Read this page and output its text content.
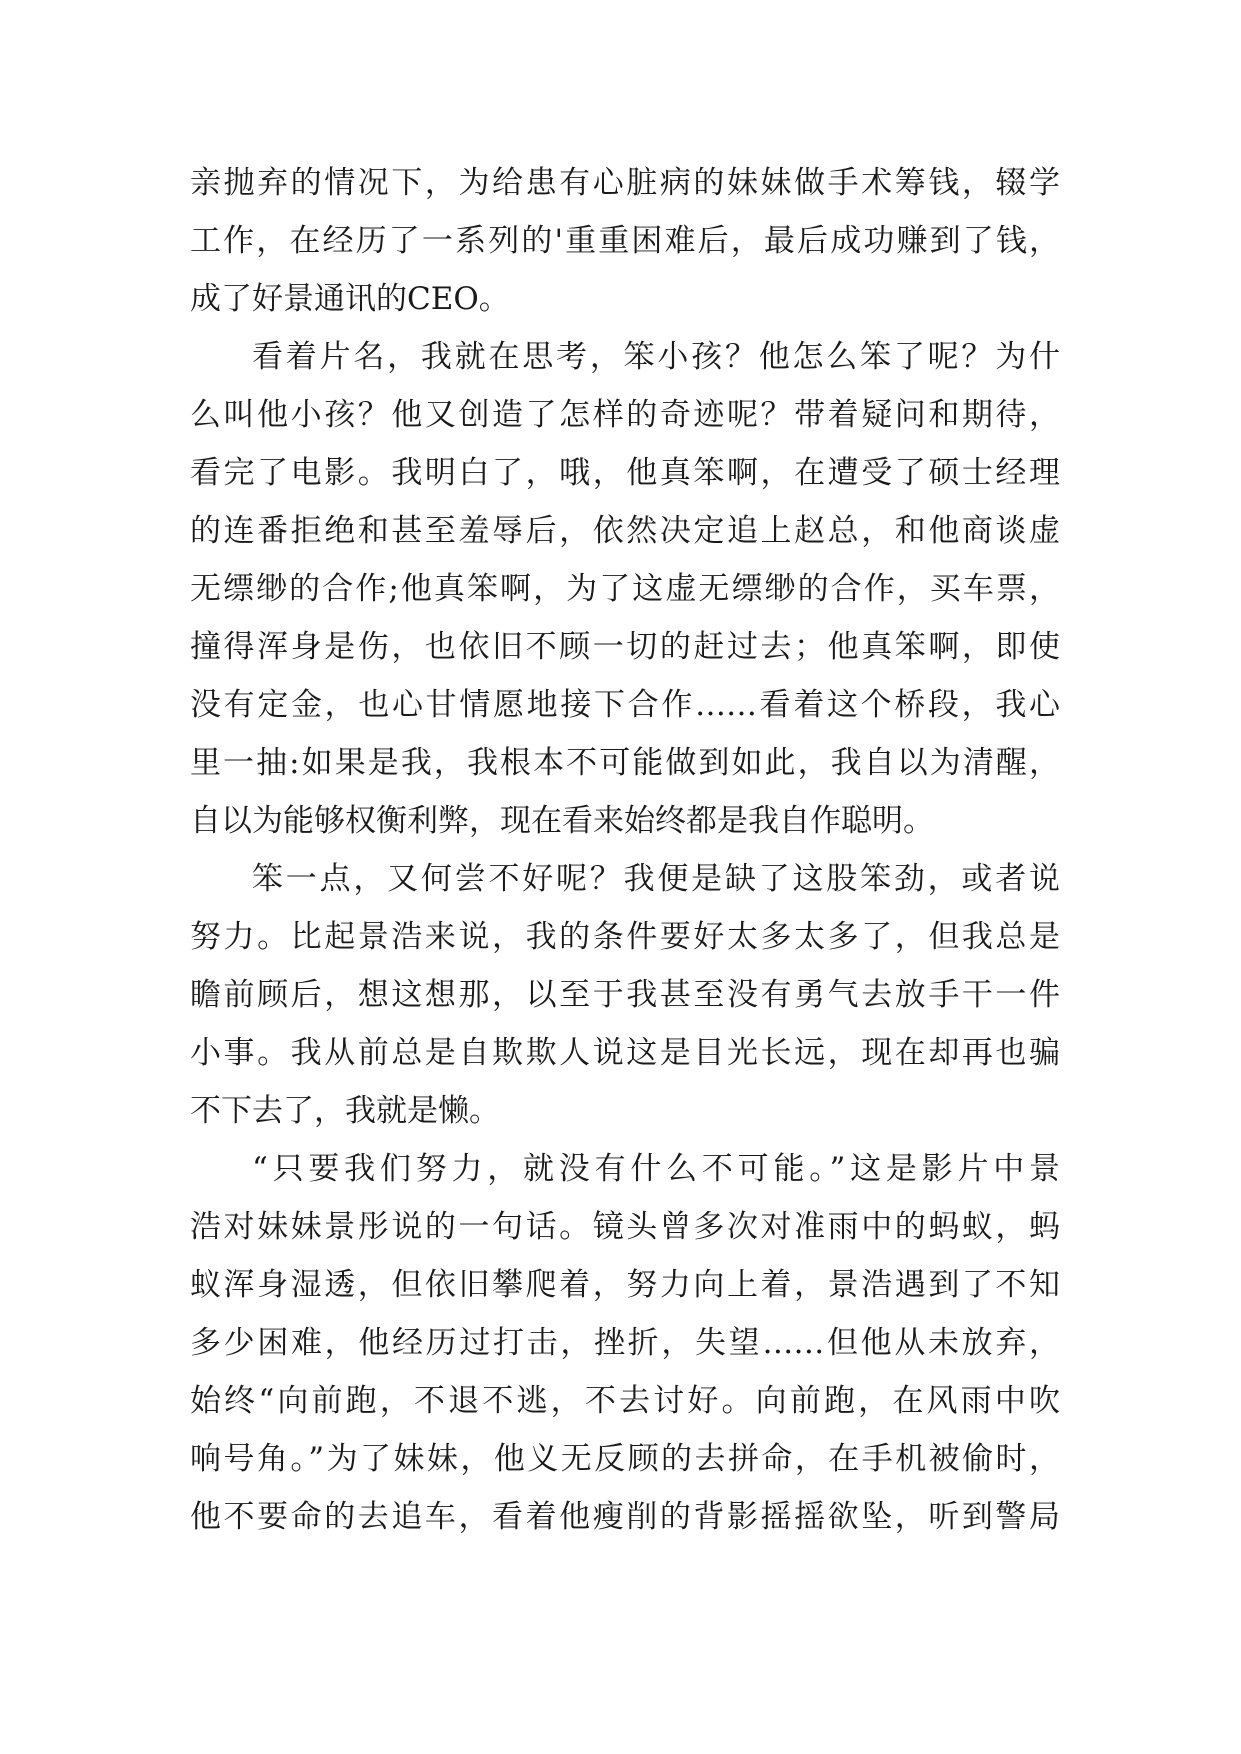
亲抛弃的情况下，为给患有心脏病的妹妹做手术筹钱，辍学
工作，在经历了一系列的'重重困难后，最后成功赚到了钱，
成了好景通讯的CEO。
看着片名，我就在思考，笨小孩？他怎么笨了呢？为什
么叫他小孩？他又创造了怎样的奇迹呢？带着疑问和期待，
看完了电影。我明白了，哦，他真笨啊，在遭受了硕士经理
的连番拒绝和甚至羞辱后，依然决定追上赵总，和他商谈虚
无缥缈的合作;他真笨啊，为了这虚无缥缈的合作，买车票，
撞得浑身是伤，也依旧不顾一切的赶过去；他真笨啊，即使
没有定金，也心甘情愿地接下合作……看着这个桥段，我心
里一抽:如果是我，我根本不可能做到如此，我自以为清醒，
自以为能够权衡利弊，现在看来始终都是我自作聪明。
笨一点，又何尝不好呢？我便是缺了这股笨劲，或者说
努力。比起景浩来说，我的条件要好太多太多了，但我总是
瞻前顾后，想这想那，以至于我甚至没有勇气去放手干一件
小事。我从前总是自欺欺人说这是目光长远，现在却再也骗
不下去了，我就是懒。
“只要我们努力，就没有什么不可能。”这是影片中景
浩对妹妹景彤说的一句话。镜头曾多次对准雨中的蚂蚁，蚂
蚁浑身湿透，但依旧攀爬着，努力向上着，景浩遇到了不知
多少困难，他经历过打击，挫折，失望……但他从未放弃，
始终“向前跑，不退不逃，不去讨好。向前跑，在风雨中吹
响号角。”为了妹妹，他义无反顾的去拼命，在手机被偷时，
他不要命的去追车，看着他瘦削的背影摇摇欲坠，听到警局
